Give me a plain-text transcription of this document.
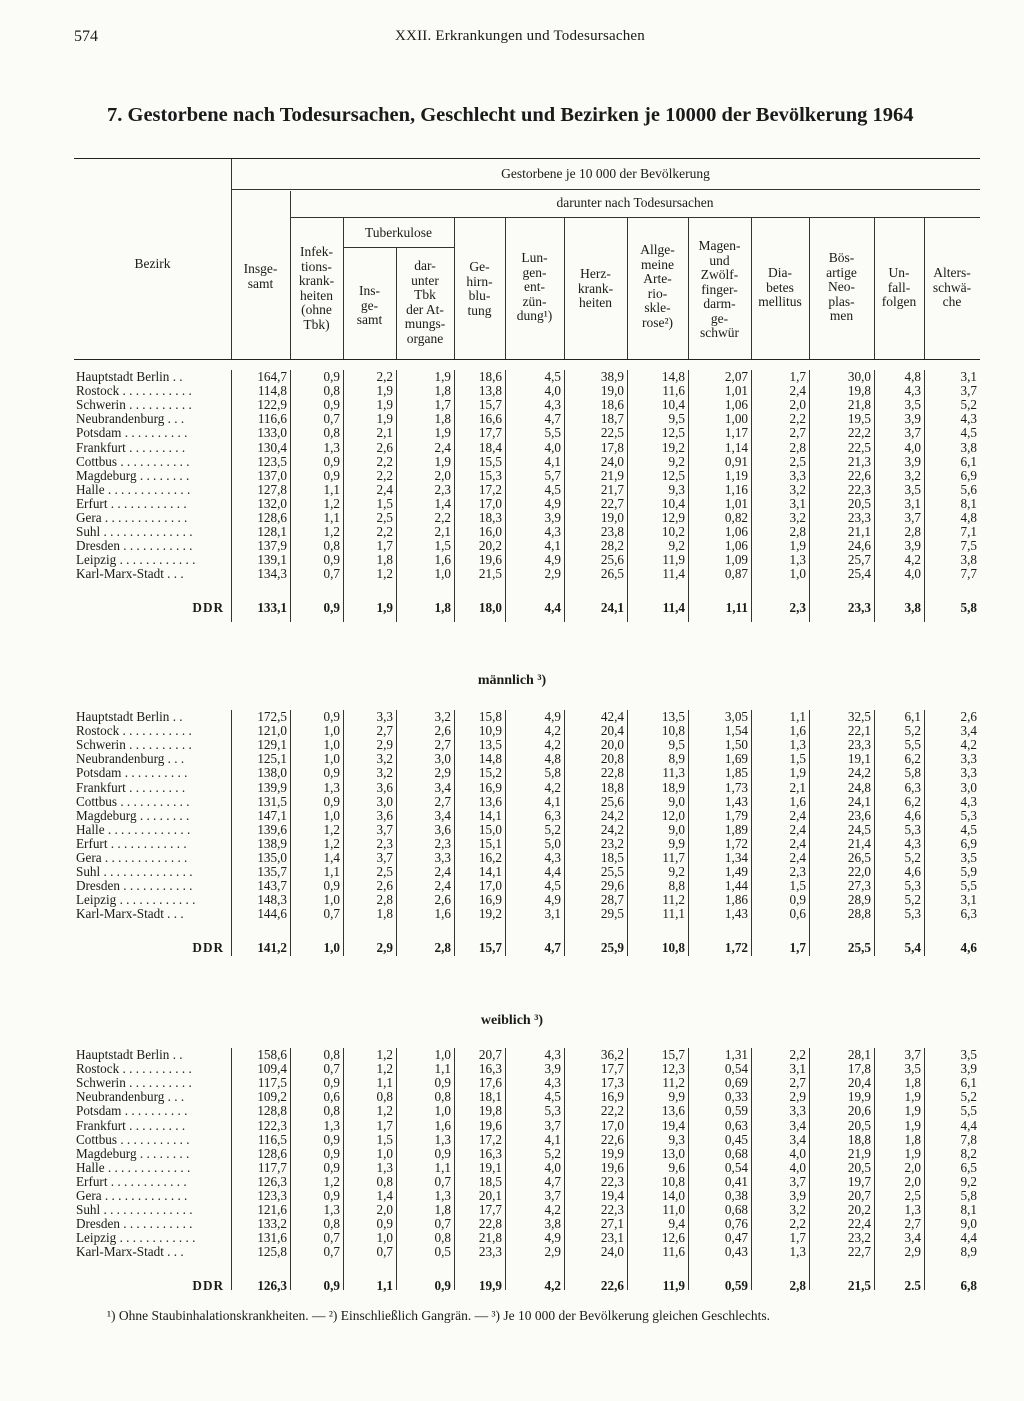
574	XXII. Erkrankungen und Todesursachen
7. Gestorbene nach Todesursachen, Geschlecht und Bezirken je 10000 der Bevölkerung 1964
Bezirk
Gestorbene je 10 000 der Bevölkerung
darunter nach Todesursachen
Tuberkulose
Insge-
samt
Infek-
tions-
krank-
heiten
(ohne
Tbk)
Ins-
ge-
samt
dar-
unter
Tbk
der At-
mungs-
organe
Ge-
hirn-
blu-
tung
Lun-
gen-
ent-
zün-
dung¹)
Herz-
krank-
heiten
Allge-
meine
Arte-
rio-
skle-
rose²)
Magen-
und
Zwölf-
finger-
darm-
ge-
schwür
Dia-
betes
mellitus
Bös-
artige
Neo-
plas-
men
Un-
fall-
folgen
Alters-
schwä-
che
männlich ³)
weiblich ³)
Hauptstadt Berlin . .	164,7	0,9	2,2	1,9 18,6	4,5	38,9	14,8	2,07	1,7	30,0	4,8	3,1
Rostock . . . . . . . . . . .	114,8	0,8	1,9	1,8 13,8	4,0	19,0	11,6	1,01	2,4	19,8	4,3	3,7
Schwerin . . . . . . . . . .	122,9	0,9	1,9	1,7 15,7	4,3	18,6	10,4	1,06	2,0	21,8	3,5	5,2
Neubrandenburg . . .	116,6	0,7	1,9	1,8 16,6	4,7	18,7	9,5	1,00	2,2	19,5	3,9	4,3
Potsdam . . . . . . . . . .	133,0	0,8	2,1	1,9 17,7	5,5	22,5	12,5	1,17	2,7	22,2	3,7	4,5
Frankfurt . . . . . . . . .	130,4	1,3	2,6	2,4 18,4	4,0	17,8	19,2	1,14	2,8	22,5	4,0	3,8
Cottbus . . . . . . . . . . .	123,5	0,9	2,2	1,9 15,5	4,1	24,0	9,2	0,91	2,5	21,3	3,9	6,1
Magdeburg . . . . . . . .	137,0	0,9	2,2	2,0 15,3	5,7	21,9	12,5	1,19	3,3	22,6	3,2	6,9
Halle . . . . . . . . . . . . .	127,8	1,1	2,4	2,3 17,2	4,5	21,7	9,3	1,16	3,2	22,3	3,5	5,6
Erfurt . . . . . . . . . . . .	132,0	1,2	1,5	1,4 17,0	4,9	22,7	10,4	1,01	3,1	20,5	3,1	8,1
Gera . . . . . . . . . . . . .	128,6	1,1	2,5	2,2 18,3	3,9	19,0	12,9	0,82	3,2	23,3	3,7	4,8
Suhl . . . . . . . . . . . . . .	128,1	1,2	2,2	2,1 16,0	4,3	23,8	10,2	1,06	2,8	21,1	2,8	7,1
Dresden . . . . . . . . . . .	137,9	0,8	1,7	1,5 20,2	4,1	28,2	9,2	1,06	1,9	24,6	3,9	7,5
Leipzig . . . . . . . . . . . .	139,1	0,9	1,8	1,6 19,6	4,9	25,6	11,9	1,09	1,3	25,7	4,2	3,8
Karl-Marx-Stadt . . .	134,3	0,7	1,2	1,0 21,5	2,9	26,5	11,4	0,87	1,0	25,4	4,0	7,7
DDR	133,1	0,9	1,9	1,8 18,0	4,4	24,1	11,4	1,11	2,3	23,3	3,8	5,8
Hauptstadt Berlin . .	172,5	0,9	3,3	3,2 15,8	4,9	42,4	13,5	3,05	1,1	32,5	6,1	2,6
Rostock . . . . . . . . . . .	121,0	1,0	2,7	2,6 10,9	4,2	20,4	10,8	1,54	1,6	22,1	5,2	3,4
Schwerin . . . . . . . . . .	129,1	1,0	2,9	2,7 13,5	4,2	20,0	9,5	1,50	1,3	23,3	5,5	4,2
Neubrandenburg . . .	125,1	1,0	3,2	3,0 14,8	4,8	20,8	8,9	1,69	1,5	19,1	6,2	3,3
Potsdam . . . . . . . . . .	138,0	0,9	3,2	2,9 15,2	5,8	22,8	11,3	1,85	1,9	24,2	5,8	3,3
Frankfurt . . . . . . . . .	139,9	1,3	3,6	3,4 16,9	4,2	18,8	18,9	1,73	2,1	24,8	6,3	3,0
Cottbus . . . . . . . . . . .	131,5	0,9	3,0	2,7 13,6	4,1	25,6	9,0	1,43	1,6	24,1	6,2	4,3
Magdeburg . . . . . . . .	147,1	1,0	3,6	3,4 14,1	6,3	24,2	12,0	1,79	2,4	23,6	4,6	5,3
Halle . . . . . . . . . . . . .	139,6	1,2	3,7	3,6 15,0	5,2	24,2	9,0	1,89	2,4	24,5	5,3	4,5
Erfurt . . . . . . . . . . . .	138,9	1,2	2,3	2,3 15,1	5,0	23,2	9,9	1,72	2,4	21,4	4,3	6,9
Gera . . . . . . . . . . . . .	135,0	1,4	3,7	3,3 16,2	4,3	18,5	11,7	1,34	2,4	26,5	5,2	3,5
Suhl . . . . . . . . . . . . . .	135,7	1,1	2,5	2,4 14,1	4,4	25,5	9,2	1,49	2,3	22,0	4,6	5,9
Dresden . . . . . . . . . . .	143,7	0,9	2,6	2,4 17,0	4,5	29,6	8,8	1,44	1,5	27,3	5,3	5,5
Leipzig . . . . . . . . . . . .	148,3	1,0	2,8	2,6 16,9	4,9	28,7	11,2	1,86	0,9	28,9	5,2	3,1
Karl-Marx-Stadt . . .	144,6	0,7	1,8	1,6 19,2	3,1	29,5	11,1	1,43	0,6	28,8	5,3	6,3
DDR	141,2	1,0	2,9	2,8 15,7	4,7	25,9	10,8	1,72	1,7	25,5	5,4	4,6
Hauptstadt Berlin . .	158,6	0,8	1,2	1,0 20,7	4,3	36,2	15,7	1,31	2,2	28,1	3,7	3,5
Rostock . . . . . . . . . . .	109,4	0,7	1,2	1,1 16,3	3,9	17,7	12,3	0,54	3,1	17,8	3,5	3,9
Schwerin . . . . . . . . . .	117,5	0,9	1,1	0,9 17,6	4,3	17,3	11,2	0,69	2,7	20,4	1,8	6,1
Neubrandenburg . . .	109,2	0,6	0,8	0,8 18,1	4,5	16,9	9,9	0,33	2,9	19,9	1,9	5,2
Potsdam . . . . . . . . . .	128,8	0,8	1,2	1,0 19,8	5,3	22,2	13,6	0,59	3,3	20,6	1,9	5,5
Frankfurt . . . . . . . . .	122,3	1,3	1,7	1,6 19,6	3,7	17,0	19,4	0,63	3,4	20,5	1,9	4,4
Cottbus . . . . . . . . . . .	116,5	0,9	1,5	1,3 17,2	4,1	22,6	9,3	0,45	3,4	18,8	1,8	7,8
Magdeburg . . . . . . . .	128,6	0,9	1,0	0,9 16,3	5,2	19,9	13,0	0,68	4,0	21,9	1,9	8,2
Halle . . . . . . . . . . . . .	117,7	0,9	1,3	1,1 19,1	4,0	19,6	9,6	0,54	4,0	20,5	2,0	6,5
Erfurt . . . . . . . . . . . .	126,3	1,2	0,8	0,7 18,5	4,7	22,3	10,8	0,41	3,7	19,7	2,0	9,2
Gera . . . . . . . . . . . . .	123,3	0,9	1,4	1,3 20,1	3,7	19,4	14,0	0,38	3,9	20,7	2,5	5,8
Suhl . . . . . . . . . . . . . .	121,6	1,3	2,0	1,8 17,7	4,2	22,3	11,0	0,68	3,2	20,2	1,3	8,1
Dresden . . . . . . . . . . .	133,2	0,8	0,9	0,7 22,8	3,8	27,1	9,4	0,76	2,2	22,4	2,7	9,0
Leipzig . . . . . . . . . . . .	131,6	0,7	1,0	0,8 21,8	4,9	23,1	12,6	0,47	1,7	23,2	3,4	4,4
Karl-Marx-Stadt . . .	125,8	0,7	0,7	0,5 23,3	2,9	24,0	11,6	0,43	1,3	22,7	2,9	8,9
DDR	126,3	0,9	1,1	0,9 19,9	4,2	22,6	11,9	0,59	2,8	21,5	2.5	6,8
¹) Ohne Staubinhalationskrankheiten. — ²) Einschließlich Gangrän. — ³) Je 10 000 der Bevölkerung gleichen Geschlechts.
